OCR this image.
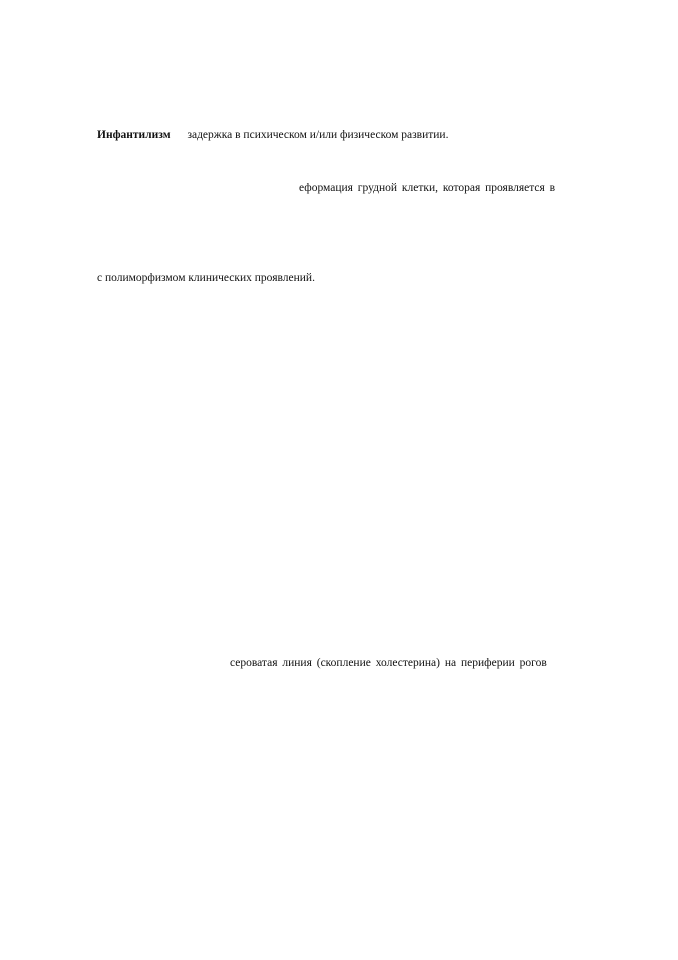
Инфантилизм задержка в психическом и/или физическом развитии.
еформация грудной клетки, которая проявляется в
с полиморфизмом клинических проявлений.
сероватая линия (скопление холестерина) на периферии рогов
